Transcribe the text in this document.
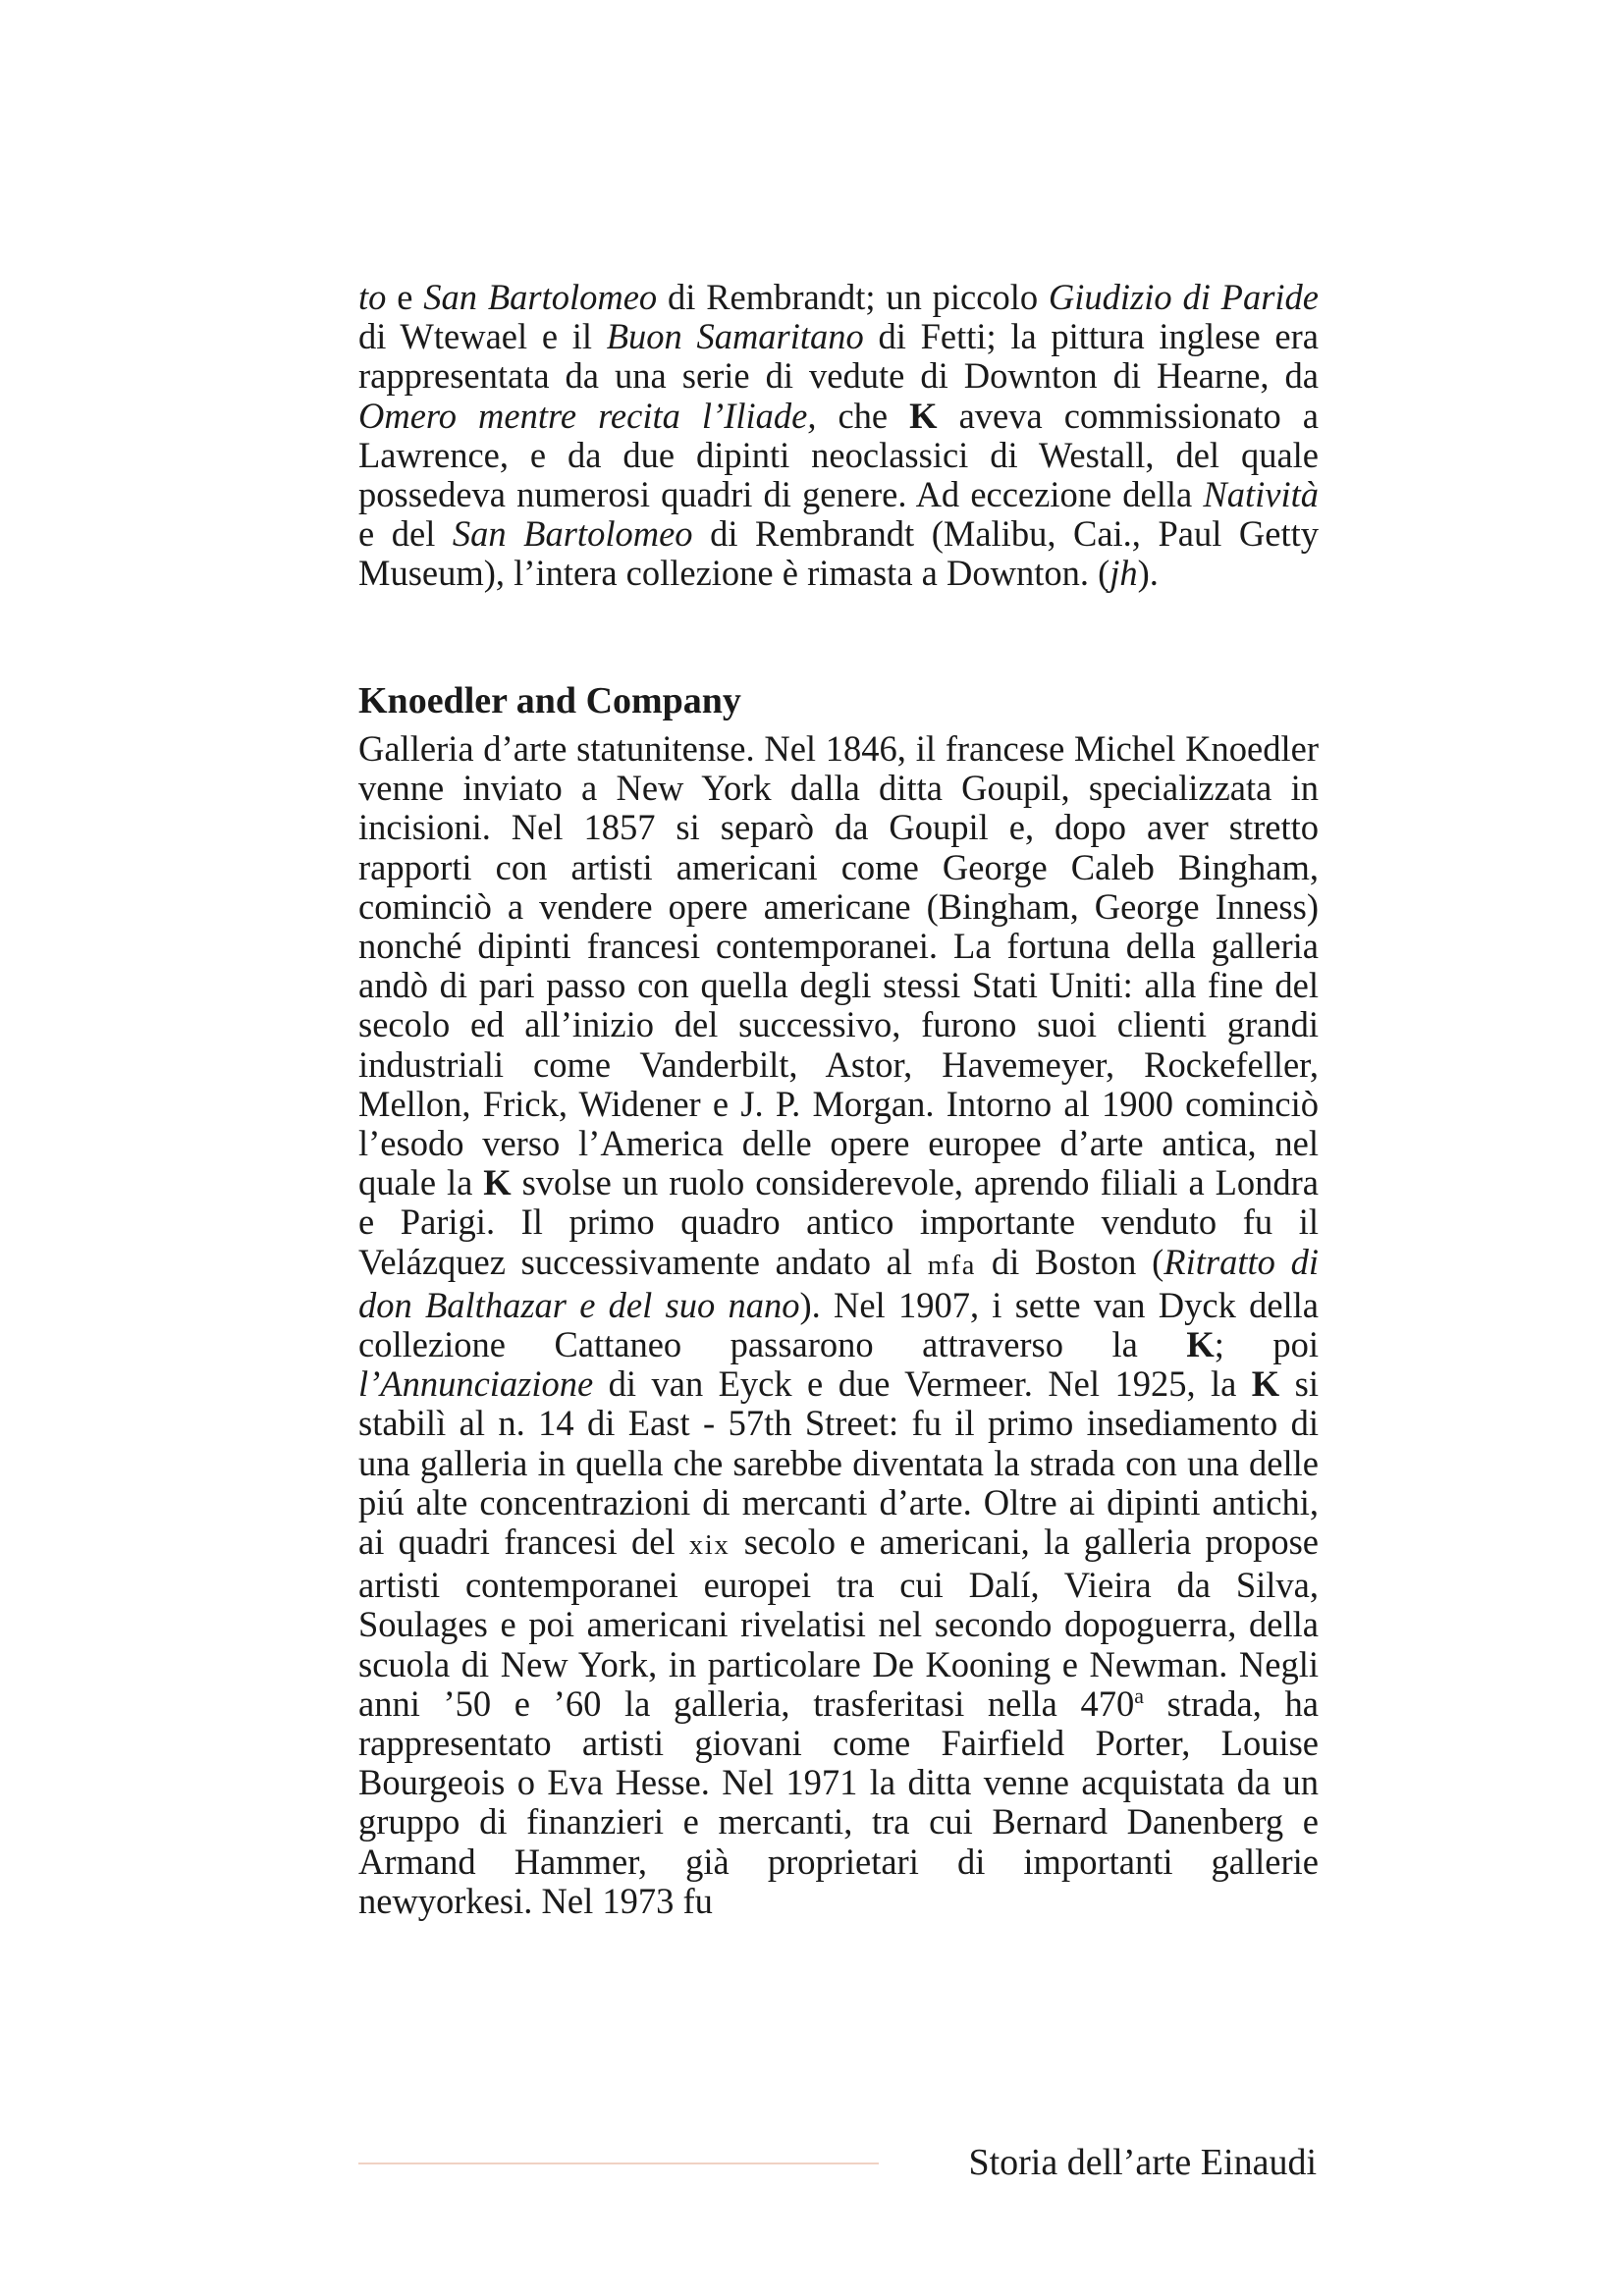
to e San Bartolomeo di Rembrandt; un piccolo Giudizio di Paride di Wtewael e il Buon Samaritano di Fetti; la pittura inglese era rappresentata da una serie di vedute di Downton di Hearne, da Omero mentre recita l’Iliade, che K aveva commissionato a Lawrence, e da due dipinti neoclassici di Westall, del quale possedeva numerosi quadri di genere. Ad eccezione della Natività e del San Bartolomeo di Rembrandt (Malibu, Cai., Paul Getty Museum), l’intera collezione è rimasta a Downton. (jh).
Knoedler and Company
Galleria d’arte statunitense. Nel 1846, il francese Michel Knoedler venne inviato a New York dalla ditta Goupil, specializzata in incisioni. Nel 1857 si separò da Goupil e, dopo aver stretto rapporti con artisti americani come George Caleb Bingham, cominciò a vendere opere americane (Bingham, George Inness) nonché dipinti francesi contemporanei. La fortuna della galleria andò di pari passo con quella degli stessi Stati Uniti: alla fine del secolo ed all’inizio del successivo, furono suoi clienti grandi industriali come Vanderbilt, Astor, Havemeyer, Rockefeller, Mellon, Frick, Widener e J. P. Morgan. Intorno al 1900 cominciò l’esodo verso l’America delle opere europee d’arte antica, nel quale la K svolse un ruolo considerevole, aprendo filiali a Londra e Parigi. Il primo quadro antico importante venduto fu il Velázquez successivamente andato al mfa di Boston (Ritratto di don Balthazar e del suo nano). Nel 1907, i sette van Dyck della collezione Cattaneo passarono attraverso la K; poi l’Annunciazione di van Eyck e due Vermeer. Nel 1925, la K si stabilì al n. 14 di East - 57th Street: fu il primo insediamento di una galleria in quella che sarebbe diventata la strada con una delle piú alte concentrazioni di mercanti d’arte. Oltre ai dipinti antichi, ai quadri francesi del xix secolo e americani, la galleria propose artisti contemporanei europei tra cui Dalí, Vieira da Silva, Soulages e poi americani rivelatisi nel secondo dopoguerra, della scuola di New York, in particolare De Kooning e Newman. Negli anni ’50 e ’60 la galleria, trasferitasi nella 470$^a$ strada, ha rappresentato artisti giovani come Fairfield Porter, Louise Bourgeois o Eva Hesse. Nel 1971 la ditta venne acquistata da un gruppo di finanzieri e mercanti, tra cui Bernard Danenberg e Armand Hammer, già proprietari di importanti gallerie newyorkesi. Nel 1973 fu
Storia dell’arte Einaudi
